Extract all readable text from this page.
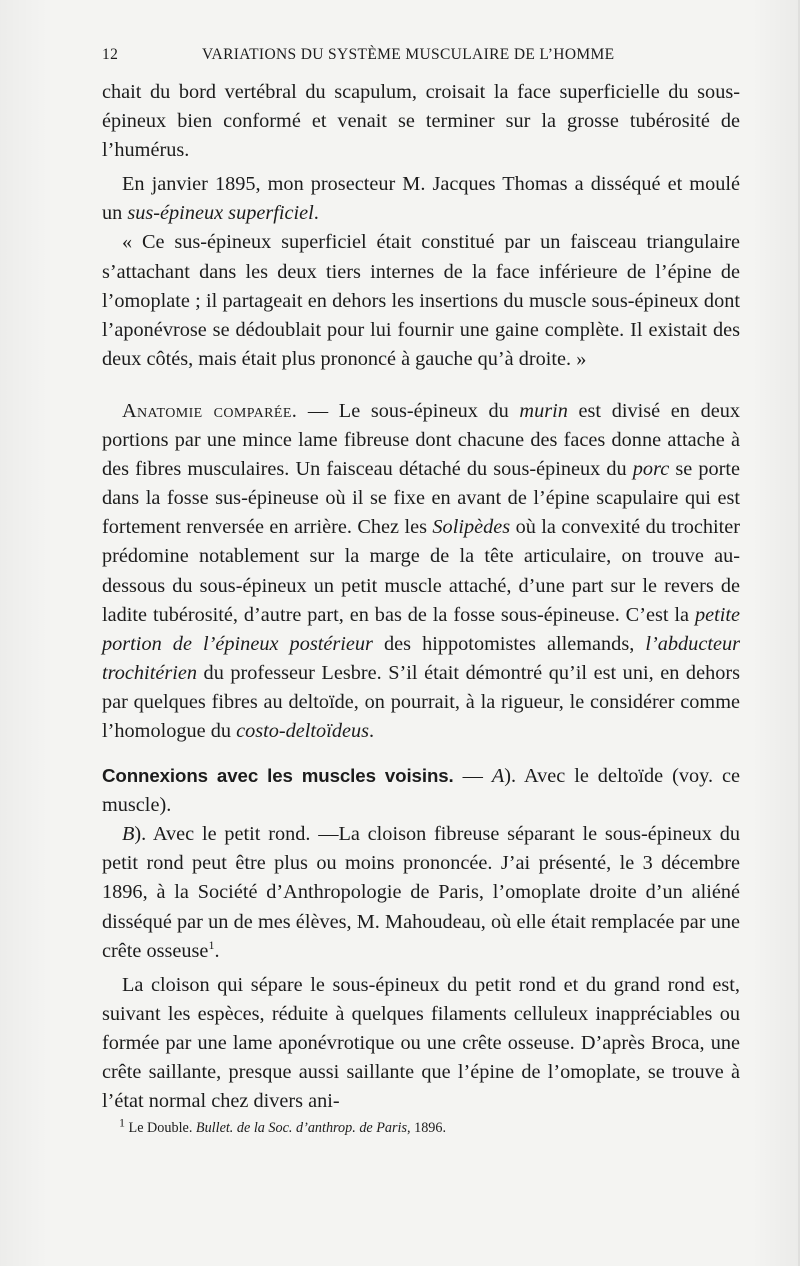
12	VARIATIONS DU SYSTÈME MUSCULAIRE DE L’HOMME

chait du bord vertébral du scapulum, croisait la face superficielle du sous-épineux bien conformé et venait se terminer sur la grosse tubérosité de l’humérus.

En janvier 1895, mon prosecteur M. Jacques Thomas a disséqué et moulé un sus-épineux superficiel.

« Ce sus-épineux superficiel était constitué par un faisceau triangulaire s’attachant dans les deux tiers internes de la face inférieure de l’épine de l’omoplate ; il partageait en dehors les insertions du muscle sous-épineux dont l’aponévrose se dédoublait pour lui fournir une gaine complète. Il existait des deux côtés, mais était plus prononcé à gauche qu’à droite. »

Anatomie comparée. — Le sous-épineux du murin est divisé en deux portions par une mince lame fibreuse dont chacune des faces donne attache à des fibres musculaires. Un faisceau détaché du sous-épineux du porc se porte dans la fosse sus-épineuse où il se fixe en avant de l’épine scapulaire qui est fortement renversée en arrière. Chez les Solipèdes où la convexité du trochiter prédomine notablement sur la marge de la tête articulaire, on trouve au-dessous du sous-épineux un petit muscle attaché, d’une part sur le revers de ladite tubérosité, d’autre part, en bas de la fosse sous-épineuse. C’est la petite portion de l’épineux postérieur des hippotomistes allemands, l’abducteur trochitérien du professeur Lesbre. S’il était démontré qu’il est uni, en dehors par quelques fibres au deltoïde, on pourrait, à la rigueur, le considérer comme l’homologue du costo-deltoïdeus.

Connexions avec les muscles voisins. — A). Avec le deltoïde (voy. ce muscle).

B). Avec le petit rond. —La cloison fibreuse séparant le sous-épineux du petit rond peut être plus ou moins prononcée. J’ai présenté, le 3 décembre 1896, à la Société d’Anthropologie de Paris, l’omoplate droite d’un aliéné disséqué par un de mes élèves, M. Mahoudeau, où elle était remplacée par une crête osseuse$^1$.

La cloison qui sépare le sous-épineux du petit rond et du grand rond est, suivant les espèces, réduite à quelques filaments celluleux inappréciables ou formée par une lame aponévrotique ou une crête osseuse. D’après Broca, une crête saillante, presque aussi saillante que l’épine de l’omoplate, se trouve à l’état normal chez divers ani-

$^1$ Le Double. Bullet. de la Soc. d’anthrop. de Paris, 1896.
